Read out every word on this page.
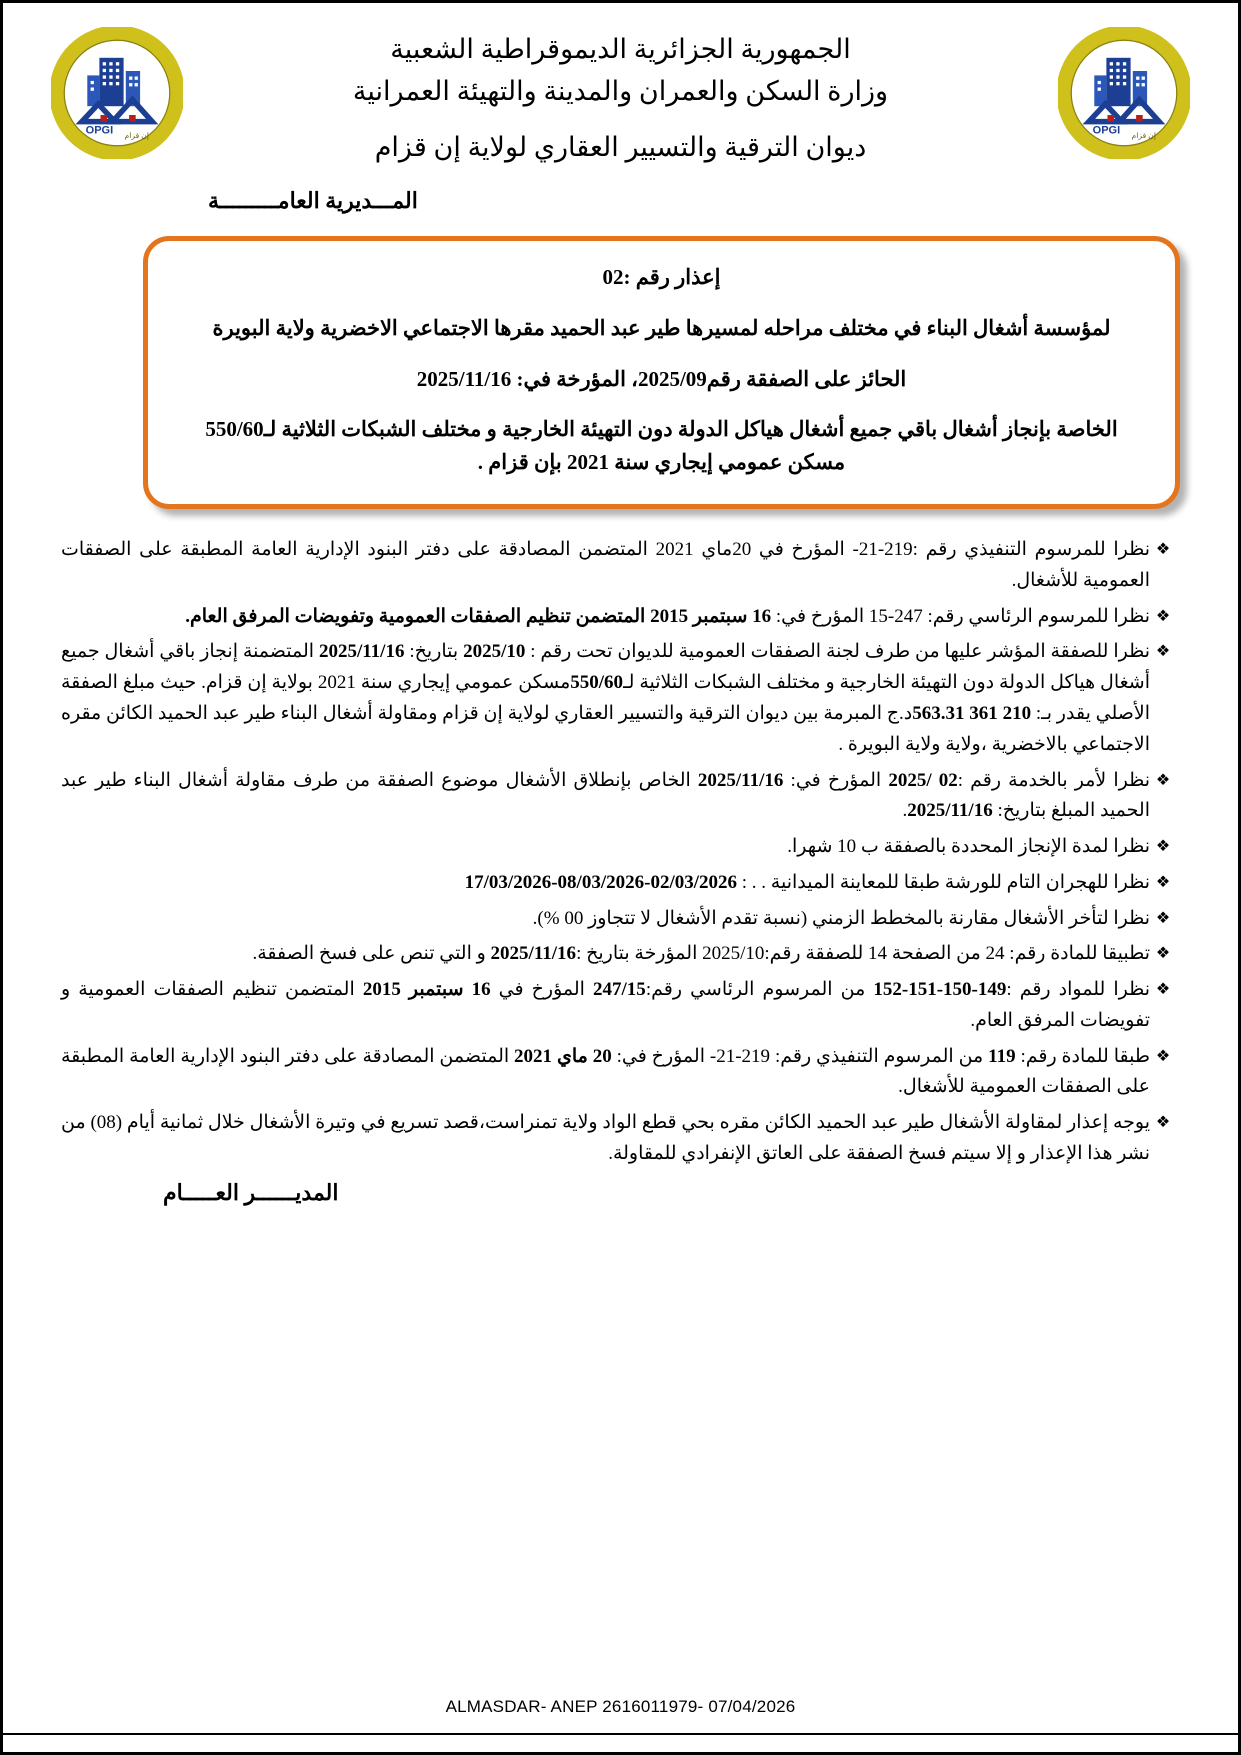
OPGI إن قزام	OPGI إن قزام
الجمهورية الجزائرية الديموقراطية الشعبية
وزارة السكن والعمران والمدينة والتهيئة العمرانية
ديوان الترقية والتسيير العقاري لولاية إن قزام
المـــديرية العامـــــــــة
إعذار رقم :02
لمؤسسة أشغال البناء في مختلف مراحله لمسيرها طير عبد الحميد مقرها الاجتماعي الاخضرية ولاية البويرة
الحائز على الصفقة رقم2025/09، المؤرخة في: 2025/11/16
الخاصة بإنجاز أشغال باقي جميع أشغال هياكل الدولة دون التهيئة الخارجية و مختلف الشبكات الثلاثية لـ550/60 مسكن عمومي إيجاري سنة 2021 بإن قزام .
❖
نظرا للمرسوم التنفيذي رقم :219-21- المؤرخ في 20ماي 2021 المتضمن المصادقة على دفتر البنود الإدارية العامة المطبقة على الصفقات العمومية للأشغال.
❖
نظرا للمرسوم الرئاسي رقم: 247-15 المؤرخ في: 16 سبتمبر 2015 المتضمن تنظيم الصفقات العمومية وتفويضات المرفق العام.
❖
نظرا للصفقة المؤشر عليها من طرف لجنة الصفقات العمومية للديوان تحت رقم : 2025/10 بتاريخ: 2025/11/16 المتضمنة إنجاز باقي أشغال جميع أشغال هياكل الدولة دون التهيئة الخارجية و مختلف الشبكات الثلاثية لـ550/60مسكن عمومي إيجاري سنة 2021 بولاية إن قزام. حيث مبلغ الصفقة الأصلي يقدر بـ: 210 361 563.31د.ج المبرمة بين ديوان الترقية والتسيير العقاري لولاية إن قزام ومقاولة أشغال البناء طير عبد الحميد الكائن مقره الاجتماعي بالاخضرية ،ولاية ولاية البويرة .
❖
نظرا لأمر بالخدمة رقم :02 /2025 المؤرخ في: 2025/11/16 الخاص بإنطلاق الأشغال موضوع الصفقة من طرف مقاولة أشغال البناء طير عبد الحميد المبلغ بتاريخ: 2025/11/16.
❖
نظرا لمدة الإنجاز المحددة بالصفقة ب 10 شهرا.
❖
نظرا للهجران التام للورشة طبقا للمعاينة الميدانية . . : 02/03/2026-08/03/2026-17/03/2026
❖
نظرا لتأخر الأشغال مقارنة بالمخطط الزمني (نسبة تقدم الأشغال لا تتجاوز 00 %).
❖
تطبيقا للمادة رقم: 24 من الصفحة 14 للصفقة رقم:2025/10 المؤرخة بتاريخ :2025/11/16 و التي تنص على فسخ الصفقة.
❖
نظرا للمواد رقم :149-150-151-152 من المرسوم الرئاسي رقم:247/15 المؤرخ في 16 سبتمبر 2015 المتضمن تنظيم الصفقات العمومية و تفويضات المرفق العام.
❖
طبقا للمادة رقم: 119 من المرسوم التنفيذي رقم: 219-21- المؤرخ في: 20 ماي 2021 المتضمن المصادقة على دفتر البنود الإدارية العامة المطبقة على الصفقات العمومية للأشغال.
❖
يوجه إعذار لمقاولة الأشغال طير عبد الحميد الكائن مقره بحي قطع الواد ولاية تمنراست،قصد تسريع في وتيرة الأشغال خلال ثمانية أيام (08) من نشر هذا الإعذار و إلا سيتم فسخ الصفقة على العاتق الإنفرادي للمقاولة.
المديــــــر العـــــام
ALMASDAR- ANEP 2616011979- 07/04/2026
